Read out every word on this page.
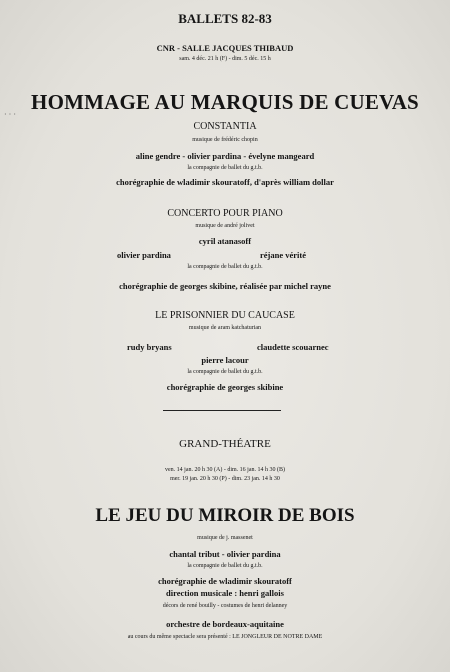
· · ·
BALLETS 82-83
CNR - SALLE JACQUES THIBAUD
sam. 4 déc. 21 h (F) - dim. 5 déc. 15 h
HOMMAGE AU MARQUIS DE CUEVAS
CONSTANTIA
musique de frédéric chopin
aline gendre - olivier pardina - évelyne mangeard
la compagnie de ballet du g.t.b.
chorégraphie de wladimir skouratoff, d'après william dollar
CONCERTO POUR PIANO
musique de andré jolivet
cyril atanasoff
olivier pardina	réjane vérité
la compagnie de ballet du g.t.b.
chorégraphie de georges skibine, réalisée par michel rayne
LE PRISONNIER DU CAUCASE
musique de aram katchaturian
rudy bryans	claudette scouarnec
pierre lacour
la compagnie de ballet du g.t.b.
chorégraphie de georges skibine
GRAND-THÉATRE
ven. 14 jan. 20 h 30 (A) - dim. 16 jan. 14 h 30 (B)
mer. 19 jan. 20 h 30 (P) - dim. 23 jan. 14 h 30
LE JEU DU MIROIR DE BOIS
musique de j. massenet
chantal tribut - olivier pardina
la compagnie de ballet du g.t.b.
chorégraphie de wladimir skouratoff
direction musicale : henri gallois
décors de rené bouilly - costumes de henri delanney
orchestre de bordeaux-aquitaine
au cours du même spectacle sera présenté : LE JONGLEUR DE NOTRE DAME
